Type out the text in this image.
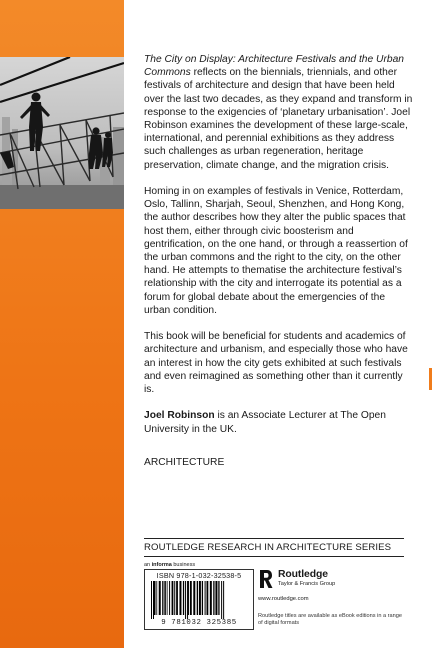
The City on Display: Architecture Festivals and the Urban Commons reflects on the biennials, triennials, and other festivals of architecture and design that have been held over the last two decades, as they expand and transform in response to the exigencies of ‘planetary urbanisation’. Joel Robinson examines the development of these large-scale, international, and perennial exhibitions as they address such challenges as urban regeneration, heritage preservation, climate change, and the migration crisis.

Homing in on examples of festivals in Venice, Rotterdam, Oslo, Tallinn, Sharjah, Seoul, Shenzhen, and Hong Kong, the author describes how they alter the public spaces that host them, either through civic boosterism and gentrification, on the one hand, or through a reassertion of the urban commons and the right to the city, on the other hand. He attempts to thematise the architecture festival’s relationship with the city and interrogate its potential as a forum for global debate about the emergencies of the urban condition.

This book will be beneficial for students and academics of architecture and urbanism, and especially those who have an interest in how the city gets exhibited at such festivals and even reimagined as something other than it currently is.

Joel Robinson is an Associate Lecturer at The Open University in the UK.

ARCHITECTURE

ROUTLEDGE RESEARCH IN ARCHITECTURE SERIES
an informa business
ISBN 978-1-032-32538-5
9 781032 325385
Routledge
Taylor & Francis Group
www.routledge.com
Routledge titles are available as eBook editions in a range of digital formats
